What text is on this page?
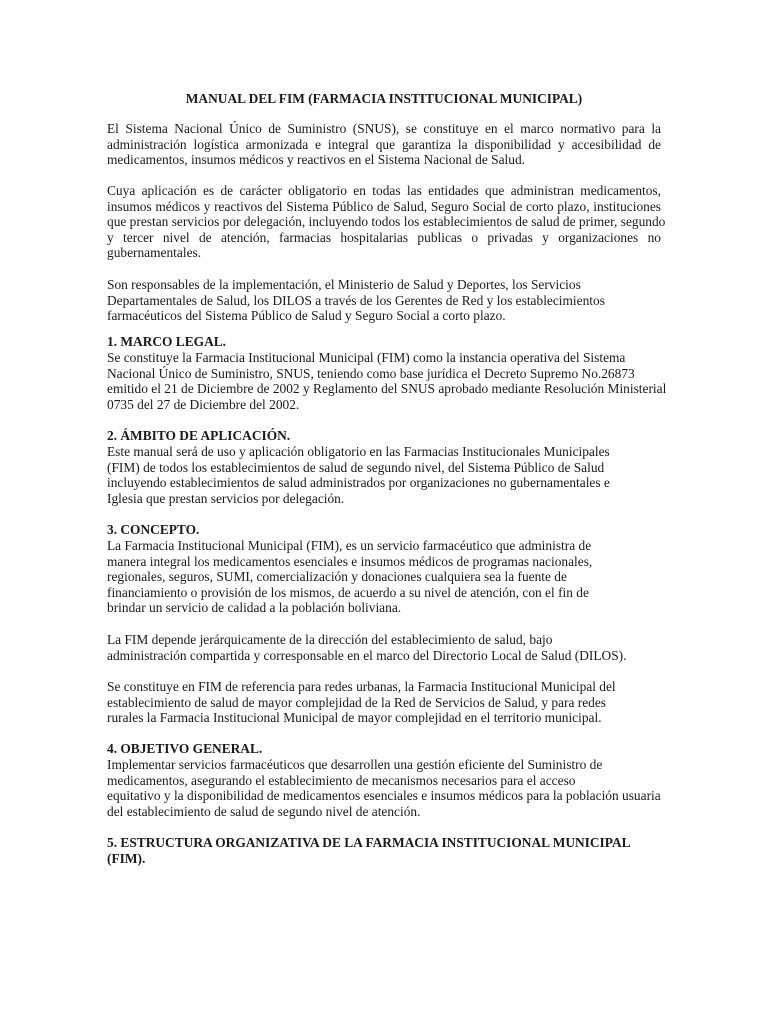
MANUAL DEL FIM (FARMACIA INSTITUCIONAL MUNICIPAL)

El Sistema Nacional Único de Suministro (SNUS), se constituye en el marco normativo para la
administración logística armonizada e integral que garantiza la disponibilidad y accesibilidad de
medicamentos, insumos médicos y reactivos en el Sistema Nacional de Salud.

Cuya aplicación es de carácter obligatorio en todas las entidades que administran medicamentos,
insumos médicos y reactivos del Sistema Público de Salud, Seguro Social de corto plazo, instituciones
que prestan servicios por delegación, incluyendo todos los establecimientos de salud de primer, segundo
y tercer nivel de atención, farmacias hospitalarias publicas o privadas y organizaciones no
gubernamentales.

Son responsables de la implementación, el Ministerio de Salud y Deportes, los Servicios
Departamentales de Salud, los DILOS a través de los Gerentes de Red y los establecimientos
farmacéuticos del Sistema Público de Salud y Seguro Social a corto plazo.

1. MARCO LEGAL.

Se constituye la Farmacia Institucional Municipal (FIM) como la instancia operativa del Sistema
Nacional Único de Suministro, SNUS, teniendo como base jurídica el Decreto Supremo No.26873
emitido el 21 de Diciembre de 2002 y Reglamento del SNUS aprobado mediante Resolución Ministerial
0735 del 27 de Diciembre del 2002.

2. ÁMBITO DE APLICACIÓN.

Este manual será de uso y aplicación obligatorio en las Farmacias Institucionales Municipales
(FIM) de todos los establecimientos de salud de segundo nivel, del Sistema Público de Salud
incluyendo establecimientos de salud administrados por organizaciones no gubernamentales e
Iglesia que prestan servicios por delegación.

3. CONCEPTO.

La Farmacia Institucional Municipal (FIM), es un servicio farmacéutico que administra de
manera integral los medicamentos esenciales e insumos médicos de programas nacionales,
regionales, seguros, SUMI, comercialización y donaciones cualquiera sea la fuente de
financiamiento o provisión de los mismos, de acuerdo a su nivel de atención, con el fin de
brindar un servicio de calidad a la población boliviana.

La FIM depende jerárquicamente de la dirección del establecimiento de salud, bajo
administración compartida y corresponsable en el marco del Directorio Local de Salud (DILOS).

Se constituye en FIM de referencia para redes urbanas, la Farmacia Institucional Municipal del
establecimiento de salud de mayor complejidad de la Red de Servicios de Salud, y para redes
rurales la Farmacia Institucional Municipal de mayor complejidad en el territorio municipal.

4. OBJETIVO GENERAL.

Implementar servicios farmacéuticos que desarrollen una gestión eficiente del Suministro de
medicamentos, asegurando el establecimiento de mecanismos necesarios para el acceso
equitativo y la disponibilidad de medicamentos esenciales e insumos médicos para la población usuaria
del establecimiento de salud de segundo nivel de atención.

5. ESTRUCTURA ORGANIZATIVA DE LA FARMACIA INSTITUCIONAL MUNICIPAL
(FIM).
